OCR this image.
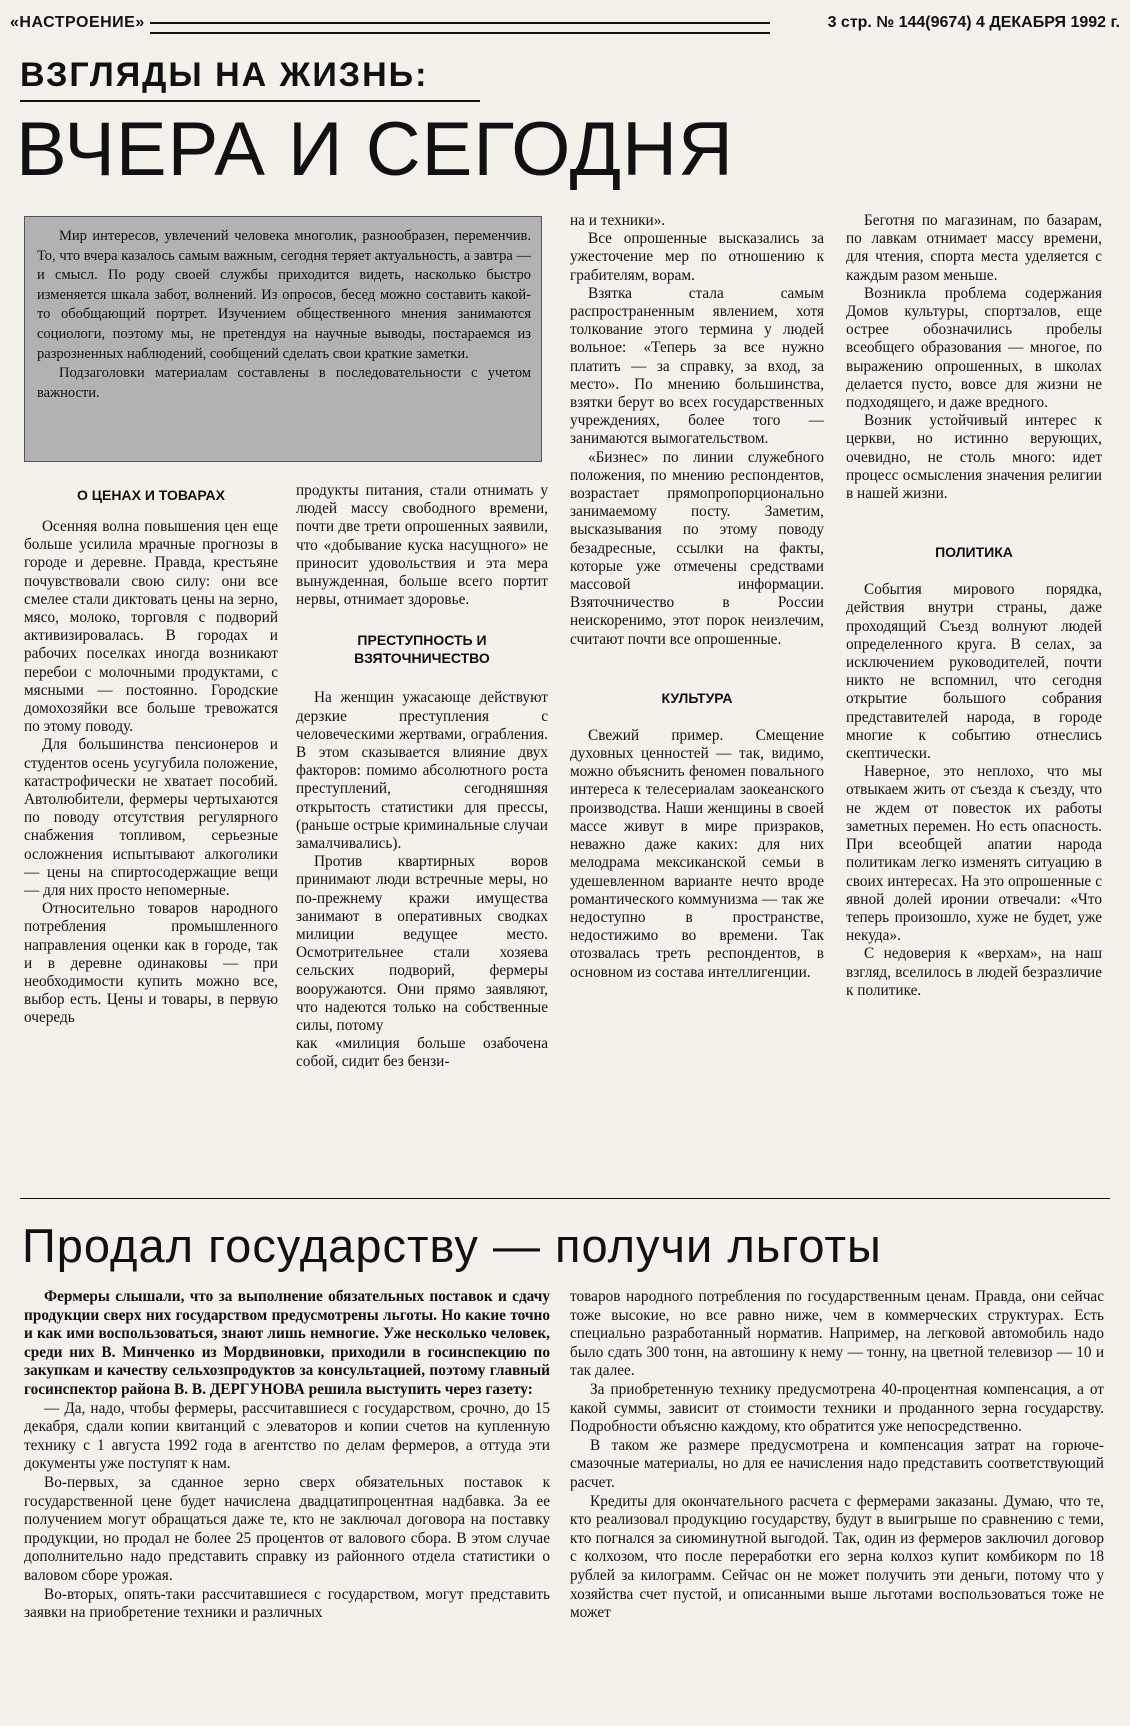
«НАСТРОЕНИЕ»	3 стр. № 144(9674) 4 ДЕКАБРЯ 1992 г.
ВЗГЛЯДЫ НА ЖИЗНЬ:
ВЧЕРА И СЕГОДНЯ

Мир интересов, увлечений человека многолик, разнообразен, переменчив. То, что вчера казалось самым важным, сегодня теряет актуальность, а завтра — и смысл. По роду своей службы приходится видеть, насколько быстро изменяется шкала забот, волнений. Из опросов, бесед можно составить какой-то обобщающий портрет. Изучением общественного мнения занимаются социологи, поэтому мы, не претендуя на научные выводы, постараемся из разрозненных наблюдений, сообщений сделать свои краткие заметки.

Подзаголовки материалам составлены в последовательности с учетом важности.

О ЦЕНАХ И ТОВАРАХ

Осенняя волна повышения цен еще больше усилила мрачные прогнозы в городе и деревне. Правда, крестьяне почувствовали свою силу: они все смелее стали диктовать цены на зерно, мясо, молоко, торговля с подворий активизировалась. В городах и рабочих поселках иногда возникают перебои с молочными продуктами, с мясными — постоянно. Городские домохозяйки все больше тревожатся по этому поводу.

Для большинства пенсионеров и студентов осень усугубила положение, катастрофически не хватает пособий. Автолюбители, фермеры чертыхаются по поводу отсутствия регулярного снабжения топливом, серьезные осложнения испытывают алкоголики — цены на спиртосодержащие вещи — для них просто непомерные.

Относительно товаров народного потребления промышленного направления оценки как в городе, так и в деревне одинаковы — при необходимости купить можно все, выбор есть. Цены и товары, в первую очередь

продукты питания, стали отнимать у людей массу свободного времени, почти две трети опрошенных заявили, что «добывание куска насущного» не приносит удовольствия и эта мера вынужденная, больше всего портит нервы, отнимает здоровье.

ПРЕСТУПНОСТЬ И ВЗЯТОЧНИЧЕСТВО

На женщин ужасающе действуют дерзкие преступления с человеческими жертвами, ограбления. В этом сказывается влияние двух факторов: помимо абсолютного роста преступлений, сегодняшняя открытость статистики для прессы, (раньше острые криминальные случаи замалчивались).

Против квартирных воров принимают люди встречные меры, но по-прежнему кражи имущества занимают в оперативных сводках милиции ведущее место. Осмотрительнее стали хозяева сельских подворий, фермеры вооружаются. Они прямо заявляют, что надеются только на собственные силы, потому

как «милиция больше озабочена собой, сидит без бензи-

на и техники».

Все опрошенные высказались за ужесточение мер по отношению к грабителям, ворам.

Взятка стала самым распространенным явлением, хотя толкование этого термина у людей вольное: «Теперь за все нужно платить — за справку, за вход, за место». По мнению большинства, взятки берут во всех государственных учреждениях, более того — занимаются вымогательством.

«Бизнес» по линии служебного положения, по мнению респондентов, возрастает прямопропорционально занимаемому посту. Заметим, высказывания по этому поводу безадресные, ссылки на факты, которые уже отмечены средствами массовой информации. Взяточничество в России неискоренимо, этот порок неизлечим, считают почти все опрошенные.

КУЛЬТУРА

Свежий пример. Смещение духовных ценностей — так, видимо, можно объяснить феномен повального интереса к телесериалам заокеанского производства. Наши женщины в своей массе живут в мире призраков, неважно даже каких: для них мелодрама мексиканской семьи в удешевленном варианте нечто вроде романтического коммунизма — так же недоступно в пространстве, недостижимо во времени. Так отозвалась треть респондентов, в основном из состава интеллигенции.

Беготня по магазинам, по базарам, по лавкам отнимает массу времени, для чтения, спорта места уделяется с каждым разом меньше.

Возникла проблема содержания Домов культуры, спортзалов, еще острее обозначились пробелы всеобщего образования — многое, по выражению опрошенных, в школах делается пусто, вовсе для жизни не подходящего, и даже вредного.

Возник устойчивый интерес к церкви, но истинно верующих, очевидно, не столь много: идет процесс осмысления значения религии в нашей жизни.

ПОЛИТИКА

События мирового порядка, действия внутри страны, даже проходящий Съезд волнуют людей определенного круга. В селах, за исключением руководителей, почти никто не вспомнил, что сегодня открытие большого собрания представителей народа, в городе многие к событию отнеслись скептически.

Наверное, это неплохо, что мы отвыкаем жить от съезда к съезду, что не ждем от повесток их работы заметных перемен. Но есть опасность. При всеобщей апатии народа политикам легко изменять ситуацию в своих интересах. На это опрошенные с явной долей иронии отвечали: «Что теперь произошло, хуже не будет, уже некуда».

С недоверия к «верхам», на наш взгляд, вселилось в людей безразличие к политике.

Продал государству — получи льготы

Фермеры слышали, что за выполнение обязательных поставок и сдачу продукции сверх них государством предусмотрены льготы. Но какие точно и как ими воспользоваться, знают лишь немногие. Уже несколько человек, среди них В. Минченко из Мордвиновки, приходили в госинспекцию по закупкам и качеству сельхозпродуктов за консультацией, поэтому главный госинспектор района В. В. ДЕРГУНОВА решила выступить через газету:

— Да, надо, чтобы фермеры, рассчитавшиеся с государством, срочно, до 15 декабря, сдали копии квитанций с элеваторов и копии счетов на купленную технику с 1 августа 1992 года в агентство по делам фермеров, а оттуда эти документы уже поступят к нам.

Во-первых, за сданное зерно сверх обязательных поставок к государственной цене будет начислена двадцатипроцентная надбавка. За ее получением могут обращаться даже те, кто не заключал договора на поставку продукции, но продал не более 25 процентов от валового сбора. В этом случае дополнительно надо представить справку из районного отдела статистики о валовом сборе урожая.

Во-вторых, опять-таки рассчитавшиеся с государством, могут представить заявки на приобретение техники и различных

товаров народного потребления по государственным ценам. Правда, они сейчас тоже высокие, но все равно ниже, чем в коммерческих структурах. Есть специально разработанный норматив. Например, на легковой автомобиль надо было сдать 300 тонн, на автошину к нему — тонну, на цветной телевизор — 10 и так далее.

За приобретенную технику предусмотрена 40-процентная компенсация, а от какой суммы, зависит от стоимости техники и проданного зерна государству. Подробности объясню каждому, кто обратится уже непосредственно.

В таком же размере предусмотрена и компенсация затрат на горюче-смазочные материалы, но для ее начисления надо представить соответствующий расчет.

Кредиты для окончательного расчета с фермерами заказаны. Думаю, что те, кто реализовал продукцию государству, будут в выигрыше по сравнению с теми, кто погнался за сиюминутной выгодой. Так, один из фермеров заключил договор с колхозом, что после переработки его зерна колхоз купит комбикорм по 18 рублей за килограмм. Сейчас он не может получить эти деньги, потому что у хозяйства счет пустой, и описанными выше льготами воспользоваться тоже не может
